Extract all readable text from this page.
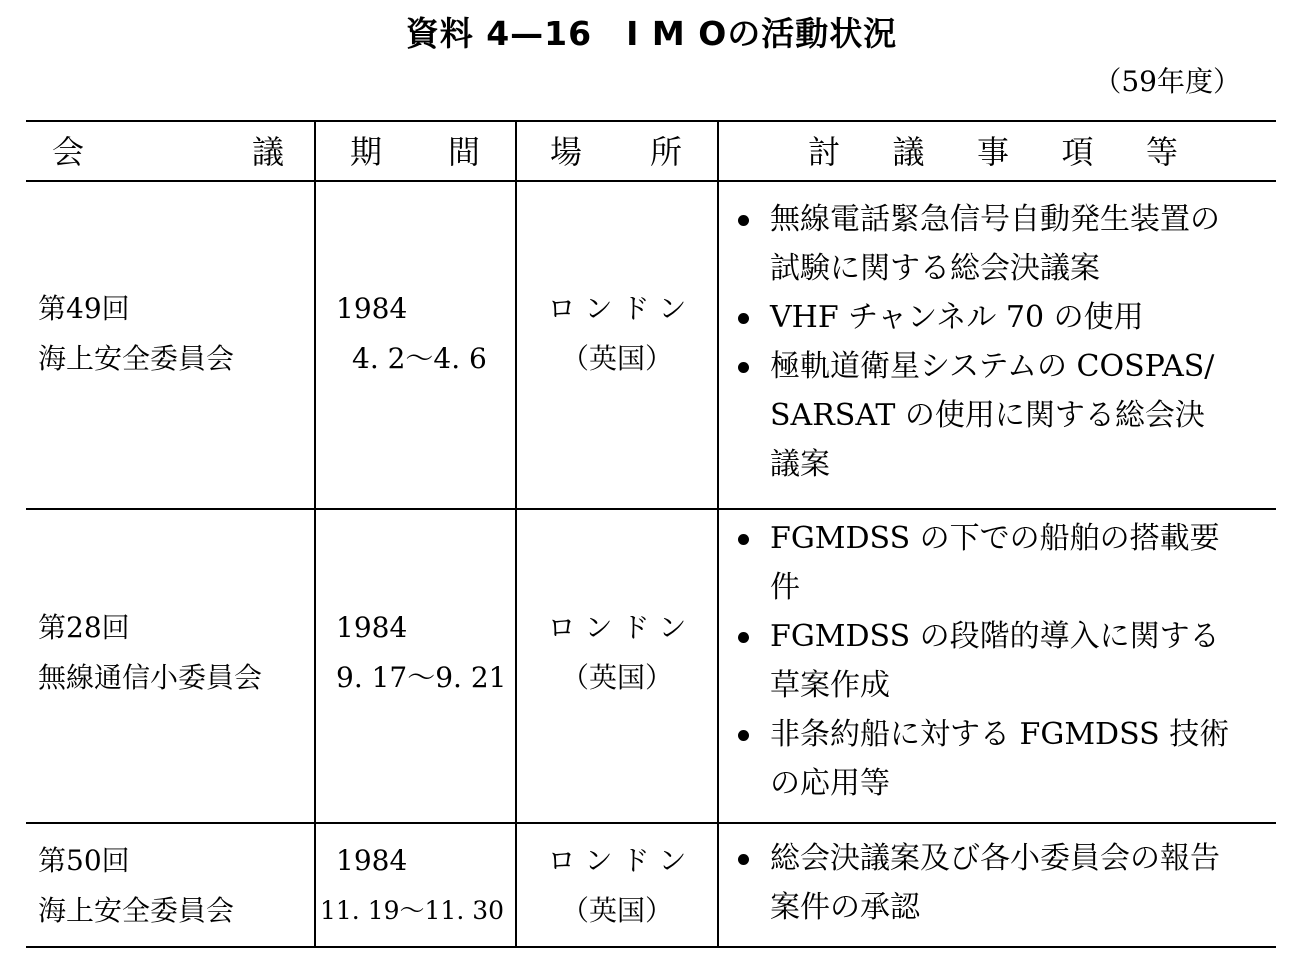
資料 4—16　I M Oの活動状況

（59年度）

会	議 期 間 場 所	討 議 事 項 等
第49回
海上安全委員会
1984
4. 2〜4. 6
ロ ン ド ン
（英国）
無線電話緊急信号自動発生装置の
試験に関する総会決議案
VHF チャンネル 70 の使用
極軌道衛星システムの COSPAS/
SARSAT の使用に関する総会決
議案
第28回
無線通信小委員会
1984
9. 17〜9. 21
ロ ン ド ン
（英国）
FGMDSS の下での船舶の搭載要
件
FGMDSS の段階的導入に関する
草案作成
非条約船に対する FGMDSS 技術
の応用等
第50回
海上安全委員会
1984
11. 19〜11. 30
ロ ン ド ン
（英国）
総会決議案及び各小委員会の報告
案件の承認
